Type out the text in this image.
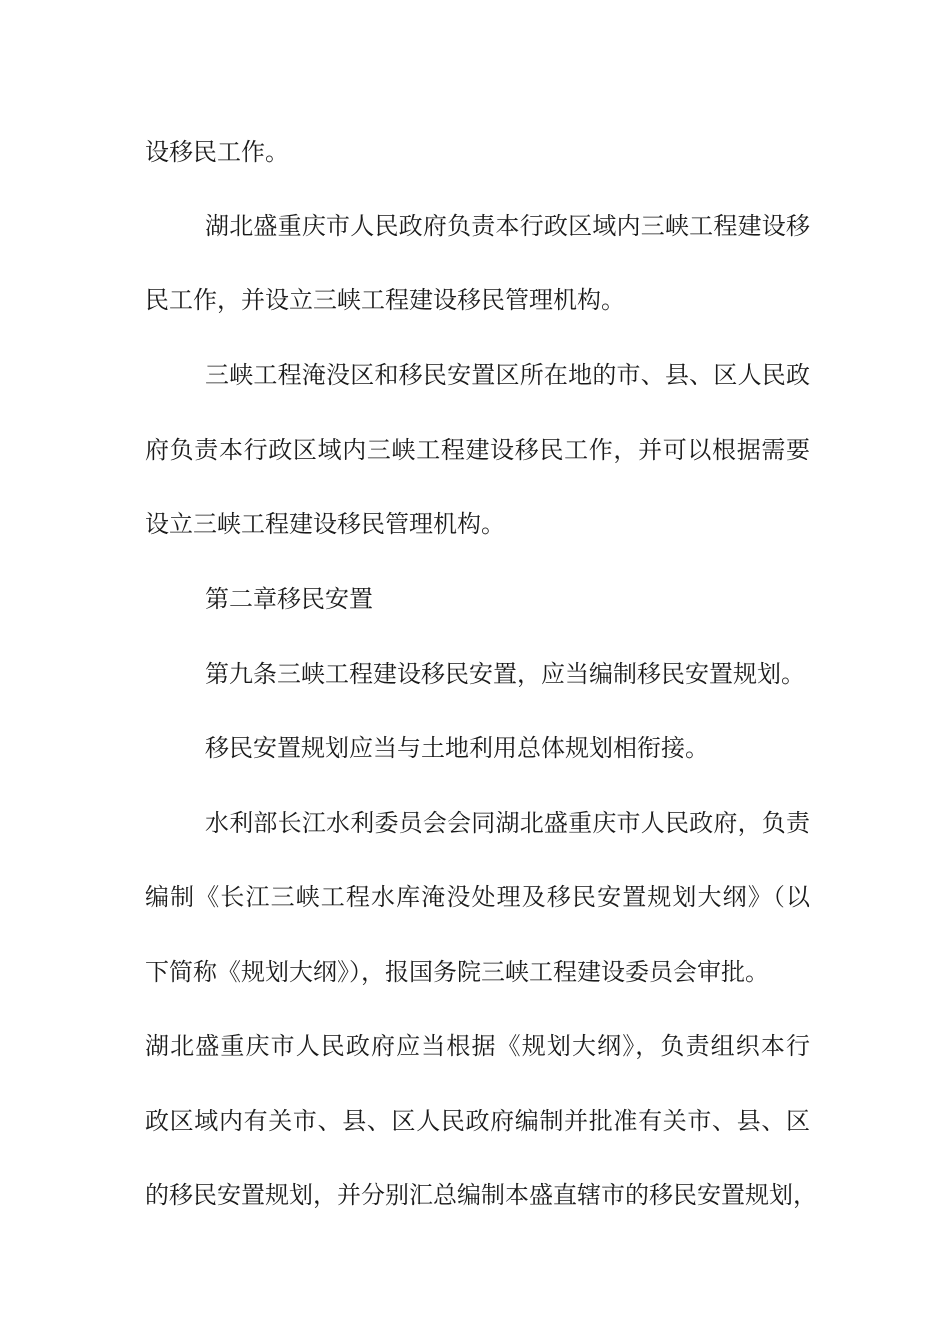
设移民工作。
湖北盛重庆市人民政府负责本行政区域内三峡工程建设移
民工作，并设立三峡工程建设移民管理机构。
三峡工程淹没区和移民安置区所在地的市、县、区人民政
府负责本行政区域内三峡工程建设移民工作，并可以根据需要
设立三峡工程建设移民管理机构。
第二章移民安置
第九条三峡工程建设移民安置，应当编制移民安置规划。
移民安置规划应当与土地利用总体规划相衔接。
水利部长江水利委员会会同湖北盛重庆市人民政府，负责
编制《长江三峡工程水库淹没处理及移民安置规划大纲》（以
下简称《规划大纲》），报国务院三峡工程建设委员会审批。
湖北盛重庆市人民政府应当根据《规划大纲》，负责组织本行
政区域内有关市、县、区人民政府编制并批准有关市、县、区
的移民安置规划，并分别汇总编制本盛直辖市的移民安置规划，
